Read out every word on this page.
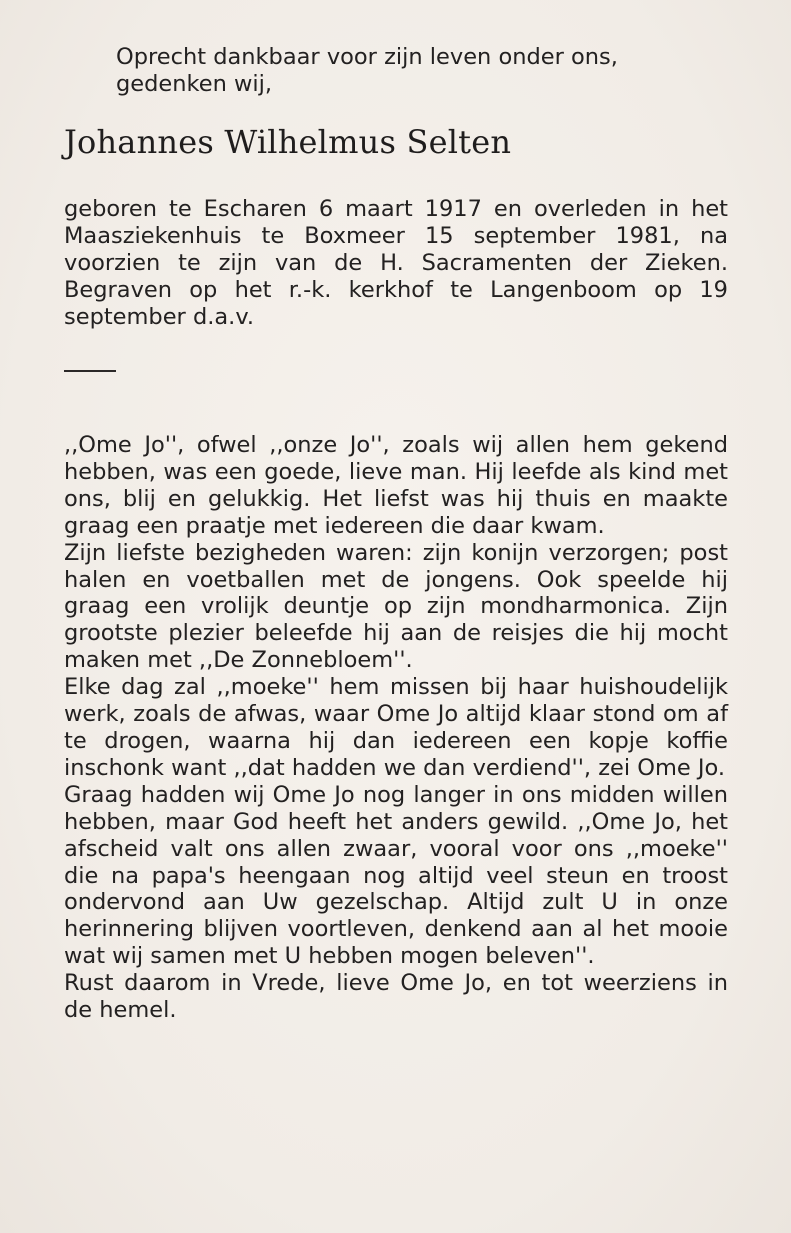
Oprecht dankbaar voor zijn leven onder ons, gedenken wij,

Johannes Wilhelmus Selten

geboren te Escharen 6 maart 1917 en overleden in het Maasziekenhuis te Boxmeer 15 september 1981, na voorzien te zijn van de H. Sacramenten der Zieken. Begraven op het r.-k. kerkhof te Langenboom op 19 september d.a.v.

,,Ome Jo'', ofwel ,,onze Jo'', zoals wij allen hem gekend hebben, was een goede, lieve man. Hij leefde als kind met ons, blij en gelukkig. Het liefst was hij thuis en maakte graag een praatje met iedereen die daar kwam.

Zijn liefste bezigheden waren: zijn konijn verzorgen; post halen en voetballen met de jongens. Ook speelde hij graag een vrolijk deuntje op zijn mondharmonica. Zijn grootste plezier beleefde hij aan de reisjes die hij mocht maken met ,,De Zonnebloem''.

Elke dag zal ,,moeke'' hem missen bij haar huishoudelijk werk, zoals de afwas, waar Ome Jo altijd klaar stond om af te drogen, waarna hij dan iedereen een kopje koffie inschonk want ,,dat hadden we dan verdiend'', zei Ome Jo.

Graag hadden wij Ome Jo nog langer in ons midden willen hebben, maar God heeft het anders gewild. ,,Ome Jo, het afscheid valt ons allen zwaar, vooral voor ons ,,moeke'' die na papa's heengaan nog altijd veel steun en troost ondervond aan Uw gezelschap. Altijd zult U in onze herinnering blijven voortleven, denkend aan al het mooie wat wij samen met U hebben mogen beleven''.

Rust daarom in Vrede, lieve Ome Jo, en tot weerziens in de hemel.
